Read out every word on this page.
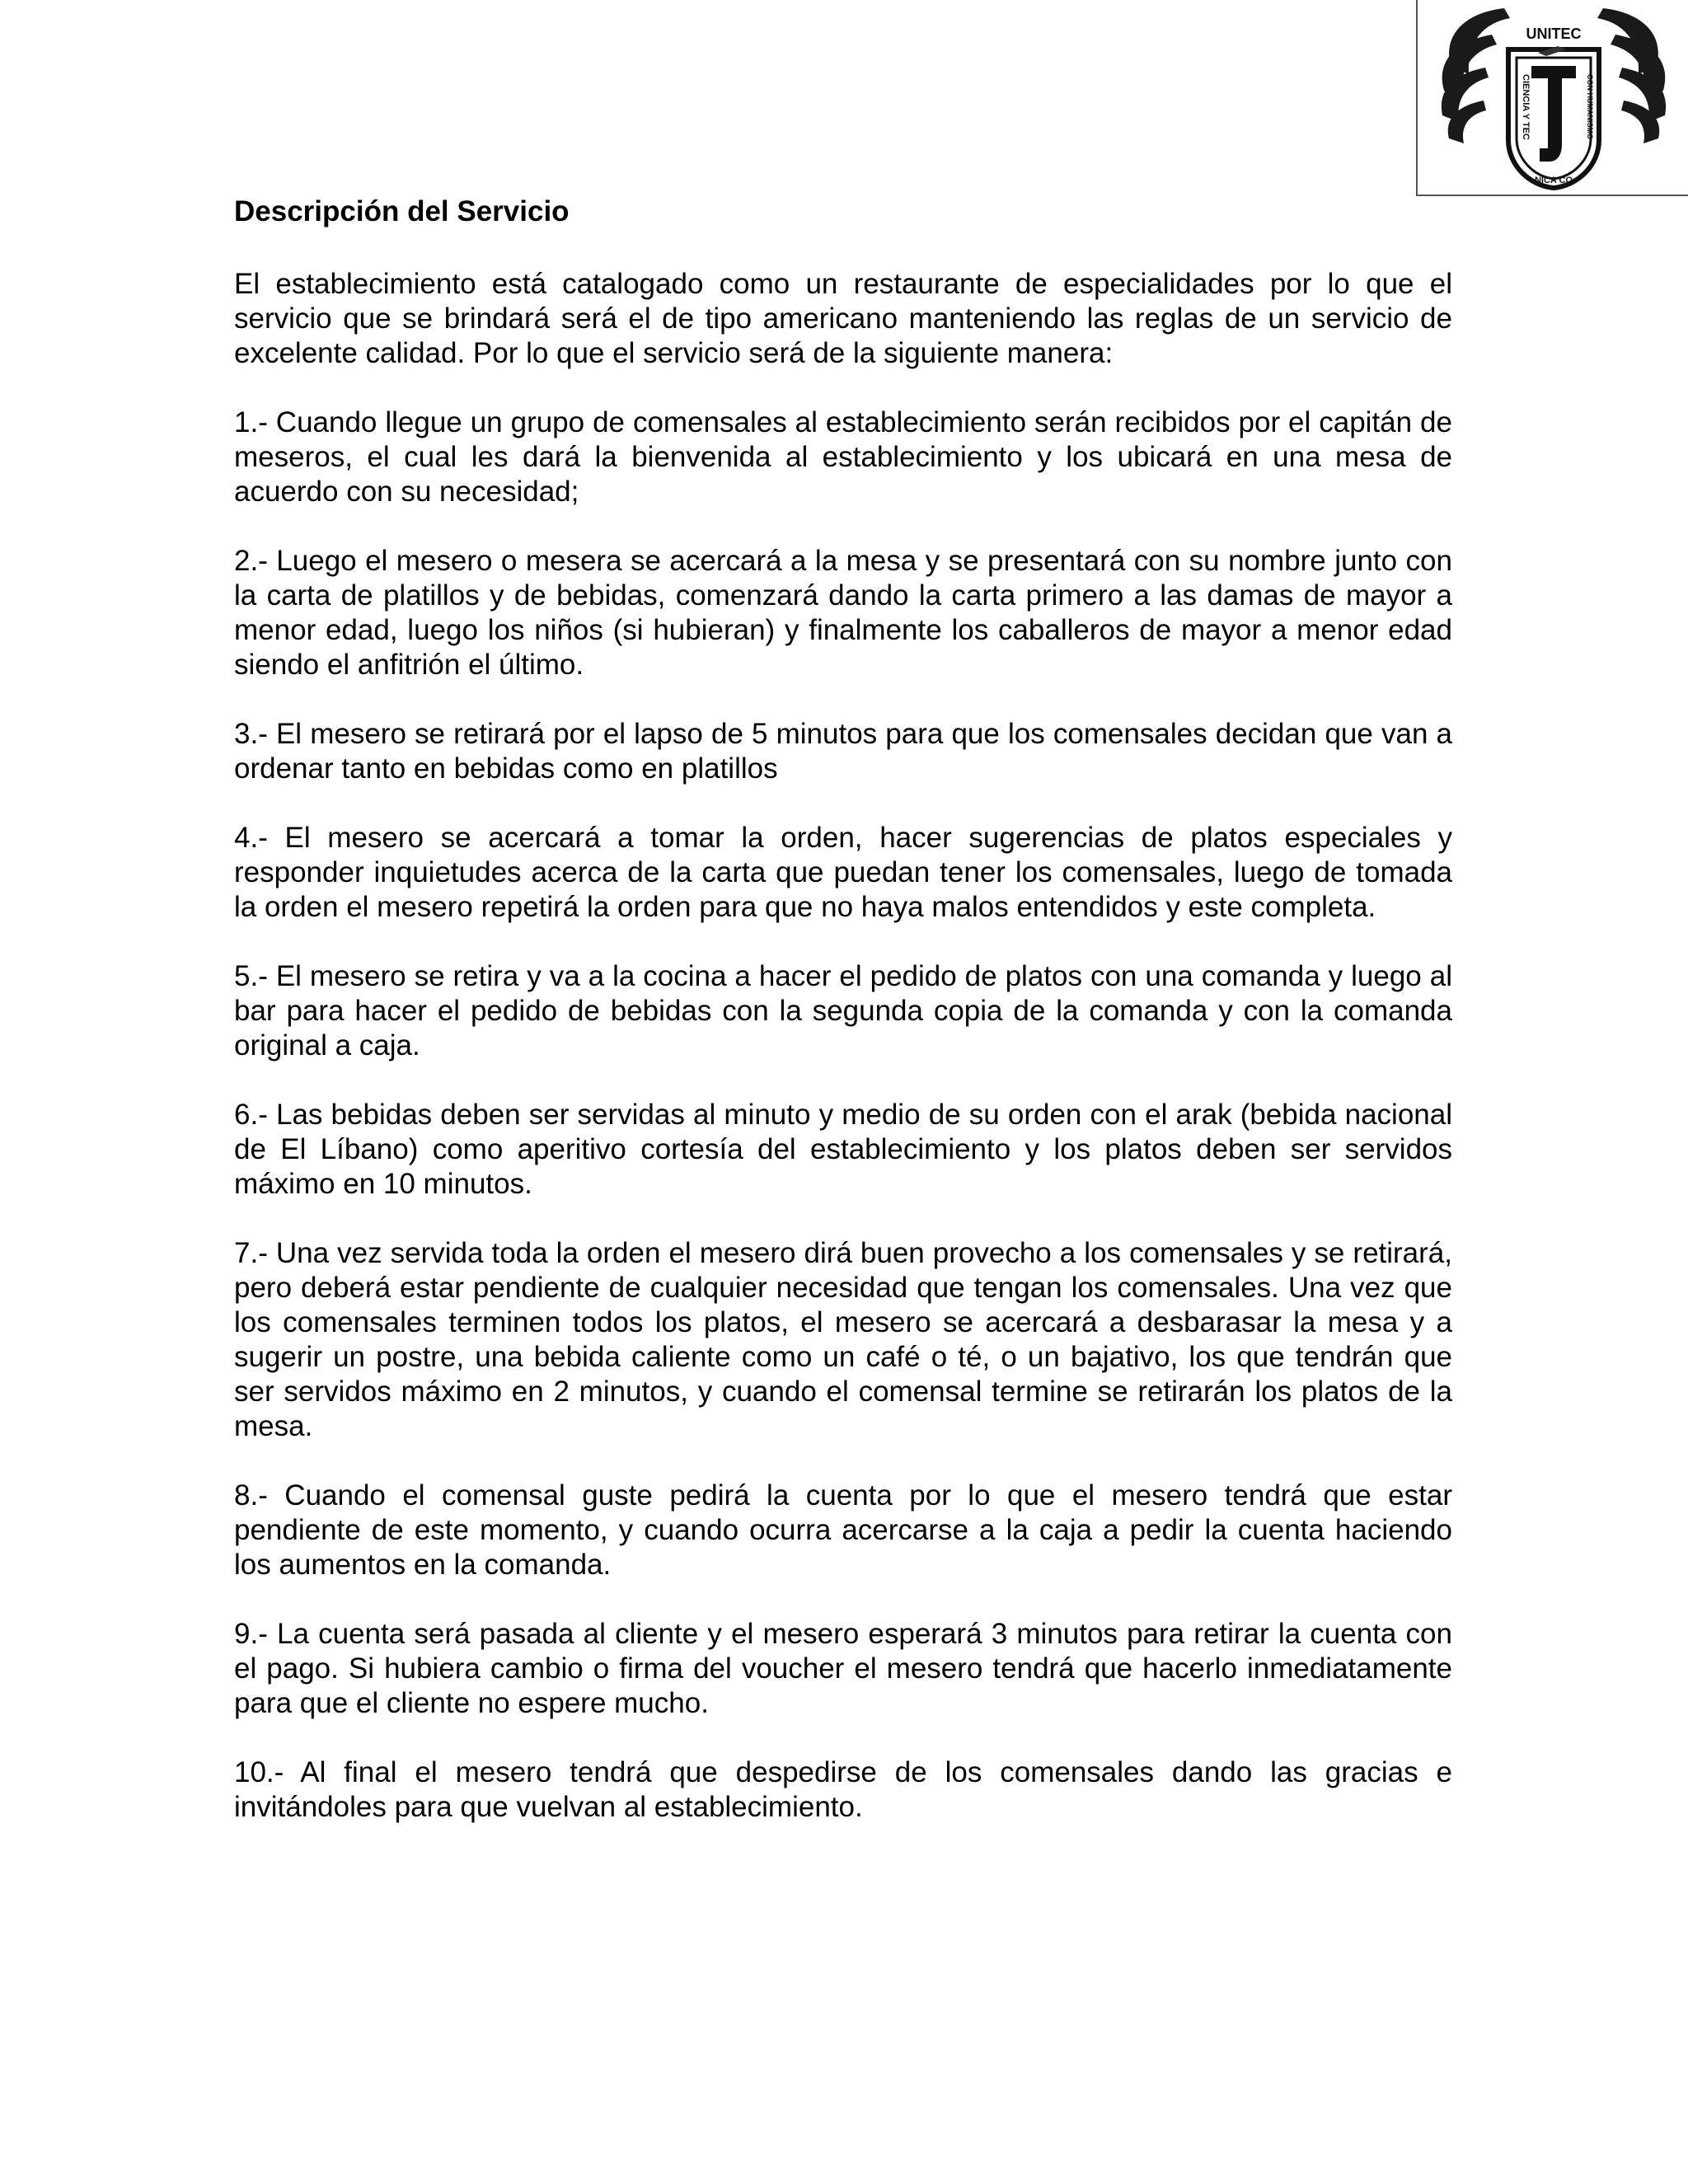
UNITEC
CIENCIA Y TEC	CON HUMANISMO
NICA CO
Descripción del Servicio

El establecimiento está catalogado como un restaurante de especialidades por lo que el servicio que se brindará será el de tipo americano manteniendo las reglas de un servicio de excelente calidad. Por lo que el servicio será de la siguiente manera:

1.- Cuando llegue un grupo de comensales al establecimiento serán recibidos por el capitán de meseros, el cual les dará la bienvenida al establecimiento y los ubicará en una mesa de acuerdo con su necesidad;

2.- Luego el mesero o mesera se acercará a la mesa y se presentará con su nombre junto con la carta de platillos y de bebidas, comenzará dando la carta primero a las damas de mayor a menor edad, luego los niños (si hubieran) y finalmente los caballeros de mayor a menor edad siendo el anfitrión el último.

3.- El mesero se retirará por el lapso de 5 minutos para que los comensales decidan que van a ordenar tanto en bebidas como en platillos

4.- El mesero se acercará a tomar la orden, hacer sugerencias de platos especiales y responder inquietudes acerca de la carta que puedan tener los comensales, luego de tomada la orden el mesero repetirá la orden para que no haya malos entendidos y este completa.

5.- El mesero se retira y va a la cocina a hacer el pedido de platos con una comanda y luego al bar para hacer el pedido de bebidas con la segunda copia de la comanda y con la comanda original a caja.

6.- Las bebidas deben ser servidas al minuto y medio de su orden con el arak (bebida nacional de El Líbano) como aperitivo cortesía del establecimiento y los platos deben ser servidos máximo en 10 minutos.

7.- Una vez servida toda la orden el mesero dirá buen provecho a los comensales y se retirará, pero deberá estar pendiente de cualquier necesidad que tengan los comensales. Una vez que los comensales terminen todos los platos, el mesero se acercará a desbarasar la mesa y a sugerir un postre, una bebida caliente como un café o té, o un bajativo, los que tendrán que ser servidos máximo en 2 minutos, y cuando el comensal termine se retirarán los platos de la mesa.

8.- Cuando el comensal guste pedirá la cuenta por lo que el mesero tendrá que estar pendiente de este momento, y cuando ocurra acercarse a la caja a pedir la cuenta haciendo los aumentos en la comanda.

9.- La cuenta será pasada al cliente y el mesero esperará 3 minutos para retirar la cuenta con el pago. Si hubiera cambio o firma del voucher el mesero tendrá que hacerlo inmediatamente para que el cliente no espere mucho.

10.- Al final el mesero tendrá que despedirse de los comensales dando las gracias e invitándoles para que vuelvan al establecimiento.
